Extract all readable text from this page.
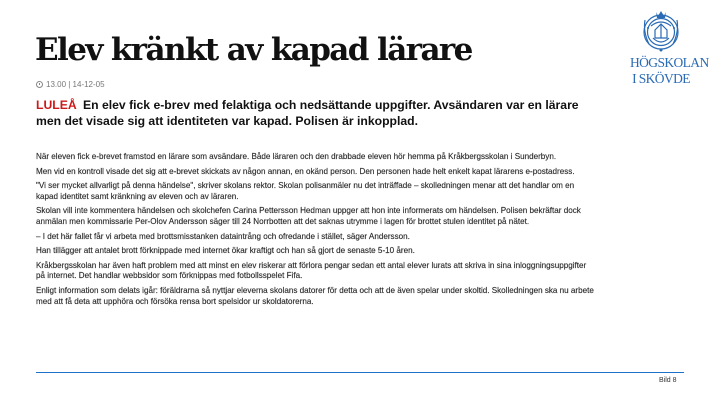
Elev kränkt av kapad lärare
13.00 | 14-12-05

LULEÅ En elev fick e-brev med felaktiga och nedsättande uppgifter. Avsändaren var en lärare men det visade sig att identiteten var kapad. Polisen är inkopplad.

När eleven fick e-brevet framstod en lärare som avsändare. Både läraren och den drabbade eleven hör hemma på Kråkbergsskolan i Sunderbyn.

Men vid en kontroll visade det sig att e-brevet skickats av någon annan, en okänd person. Den personen hade helt enkelt kapat lärarens e-postadress.

"Vi ser mycket allvarligt på denna händelse", skriver skolans rektor. Skolan polisanmäler nu det inträffade – skolledningen menar att det handlar om en kapad identitet samt kränkning av eleven och av läraren.

Skolan vill inte kommentera händelsen och skolchefen Carina Pettersson Hedman uppger att hon inte informerats om händelsen. Polisen bekräftar dock anmälan men kommissarie Per-Olov Andersson säger till 24 Norrbotten att det saknas utrymme i lagen för brottet stulen identitet på nätet.

– I det här fallet får vi arbeta med brottsmisstanken dataintrång och ofredande i stället, säger Andersson.

Han tillägger att antalet brott förknippade med internet ökar kraftigt och han så gjort de senaste 5-10 åren.

Kråkbergsskolan har även haft problem med att minst en elev riskerar att förlora pengar sedan ett antal elever lurats att skriva in sina inloggningsuppgifter på internet. Det handlar webbsidor som förknippas med fotbollsspelet Fifa.

Enligt information som delats igår: föräldrarna så nyttjar eleverna skolans datorer för detta och att de även spelar under skoltid. Skolledningen ska nu arbete med att få deta att upphöra och försöka rensa bort spelsidor ur skoldatorerna.

HÖGSKOLAN
I SKÖVDE
Bild 8
